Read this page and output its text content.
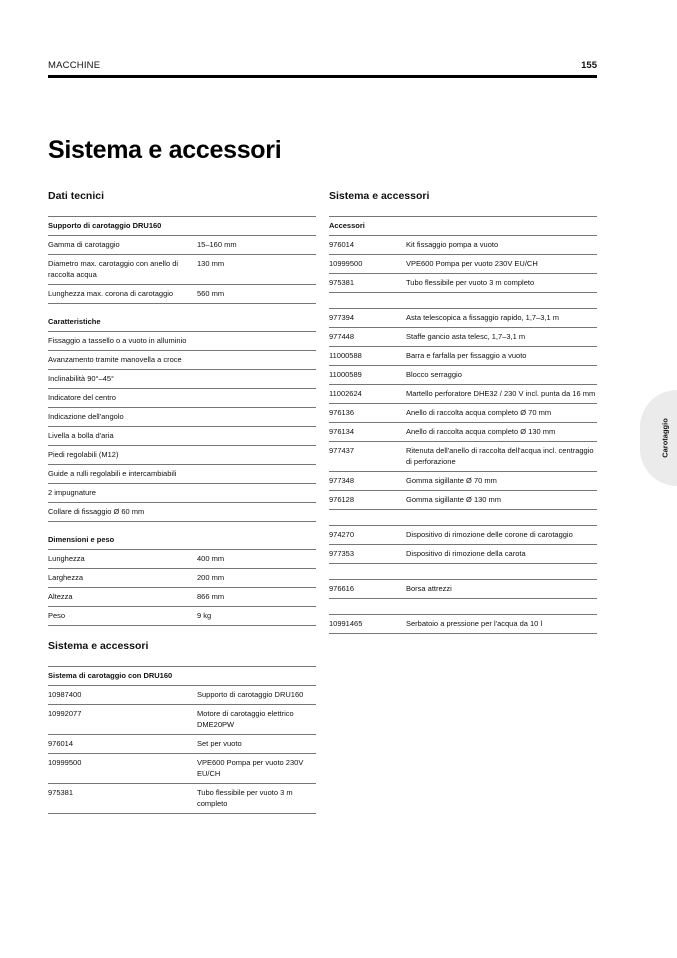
MACCHINE	155
Sistema e accessori
Dati tecnici
Supporto di carotaggio DRU160	
Gamma di carotaggio	15–160 mm
Diametro max. carotaggio con anello di raccolta acqua	130 mm
Lunghezza max. corona di carotaggio	560 mm
Caratteristiche
Fissaggio a tassello o a vuoto in alluminio
Avanzamento tramite manovella a croce
Inclinabilità 90°–45°
Indicatore del centro
Indicazione dell'angolo
Livella a bolla d'aria
Piedi regolabili (M12)
Guide a rulli regolabili e intercambiabili
2 impugnature
Collare di fissaggio Ø 60 mm
Dimensioni e peso	
Lunghezza	400 mm
Larghezza	200 mm
Altezza	866 mm
Peso	9 kg
Sistema e accessori
Sistema di carotaggio con DRU160	
10987400	Supporto di carotaggio DRU160
10992077	Motore di carotaggio elettrico DME20PW
976014	Set per vuoto
10999500	VPE600 Pompa per vuoto 230V EU/CH
975381	Tubo flessibile per vuoto 3 m completo
Sistema e accessori
Accessori	
976014	Kit fissaggio pompa a vuoto
10999500	VPE600 Pompa per vuoto 230V EU/CH
975381	Tubo flessibile per vuoto 3 m completo

977394	Asta telescopica a fissaggio rapido, 1,7–3,1 m
977448	Staffe gancio asta telesc, 1,7–3,1 m
11000588	Barra e farfalla per fissaggio a vuoto
11000589	Blocco serraggio
11002624	Martello perforatore DHE32 / 230 V incl. punta da 16 mm
976136	Anello di raccolta acqua completo Ø 70 mm
976134	Anello di raccolta acqua completo Ø 130 mm
977437	Ritenuta dell'anello di raccolta dell'acqua incl. centraggio di perforazione
977348	Gomma sigillante Ø 70 mm
976128	Gomma sigillante Ø 130 mm

974270	Dispositivo di rimozione delle corone di carotaggio
977353	Dispositivo di rimozione della carota

976616	Borsa attrezzi

10991465	Serbatoio a pressione per l'acqua da 10 l
Carotaggio
